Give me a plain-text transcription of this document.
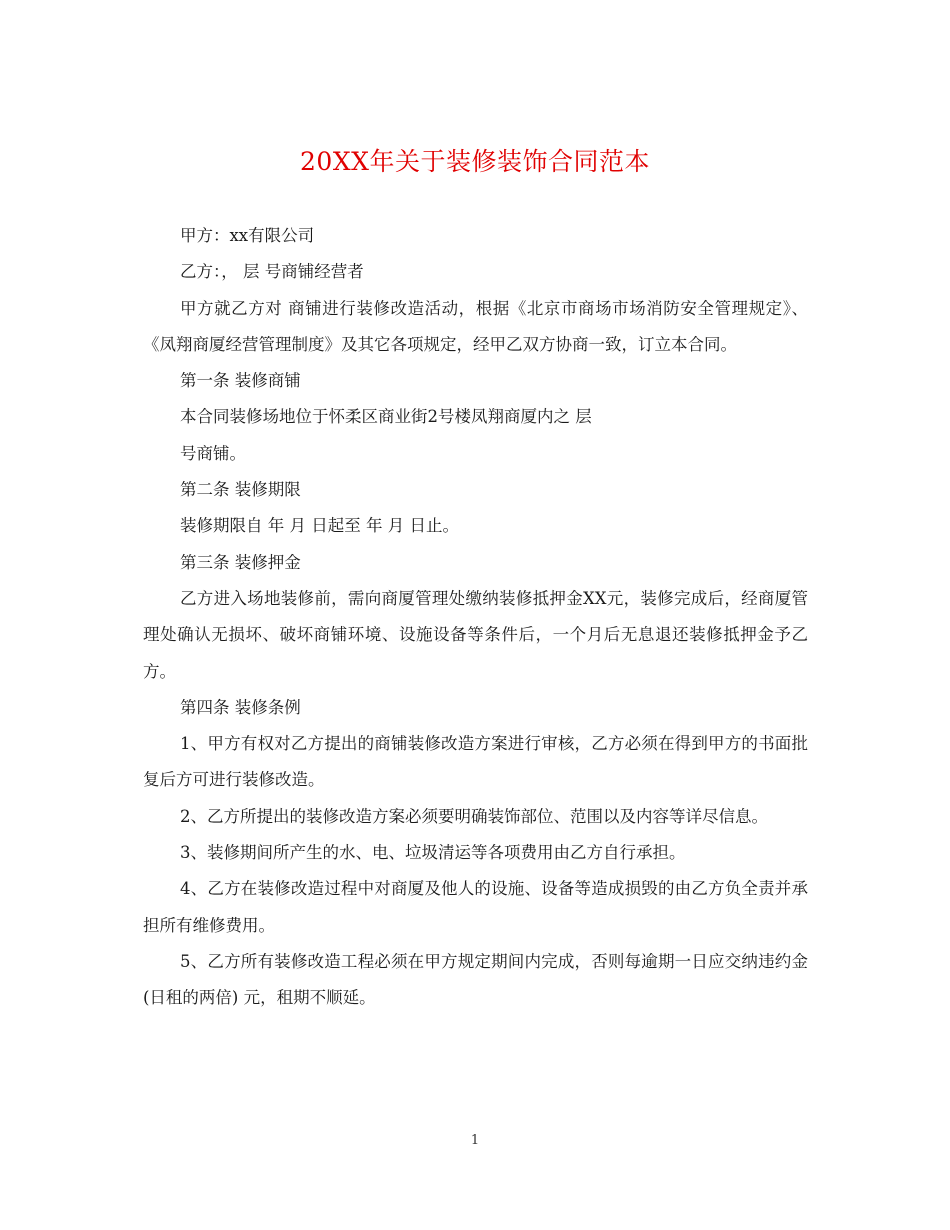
20XX年关于装修装饰合同范本

甲方：xx有限公司

乙方：， 层 号商铺经营者

甲方就乙方对 商铺进行装修改造活动，根据《北京市商场市场消防安全管理规定》、《凤翔商厦经营管理制度》及其它各项规定，经甲乙双方协商一致，订立本合同。

第一条 装修商铺

本合同装修场地位于怀柔区商业街2号楼凤翔商厦内之 层

号商铺。

第二条 装修期限

装修期限自 年 月 日起至 年 月 日止。

第三条 装修押金

乙方进入场地装修前，需向商厦管理处缴纳装修抵押金XX元，装修完成后，经商厦管理处确认无损坏、破坏商铺环境、设施设备等条件后，一个月后无息退还装修抵押金予乙方。

第四条 装修条例

1、甲方有权对乙方提出的商铺装修改造方案进行审核，乙方必须在得到甲方的书面批复后方可进行装修改造。

2、乙方所提出的装修改造方案必须要明确装饰部位、范围以及内容等详尽信息。

3、装修期间所产生的水、电、垃圾清运等各项费用由乙方自行承担。

4、乙方在装修改造过程中对商厦及他人的设施、设备等造成损毁的由乙方负全责并承担所有维修费用。

5、乙方所有装修改造工程必须在甲方规定期间内完成，否则每逾期一日应交纳违约金(日租的两倍) 元，租期不顺延。

1
